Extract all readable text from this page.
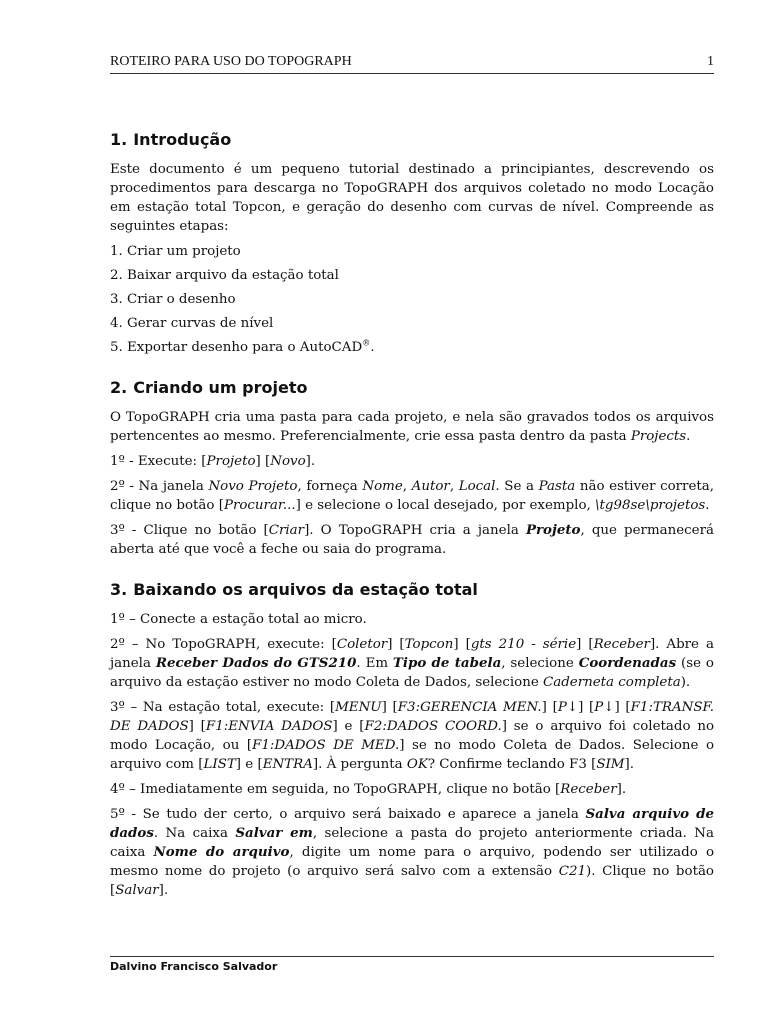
ROTEIRO PARA USO DO TOPOGRAPH	1
1. Introdução

Este documento é um pequeno tutorial destinado a principiantes, descrevendo os procedimentos para descarga no TopoGRAPH dos arquivos coletado no modo Locação em estação total Topcon, e geração do desenho com curvas de nível. Compreende as seguintes etapas:

1. Criar um projeto
2. Baixar arquivo da estação total
3. Criar o desenho
4. Gerar curvas de nível
5. Exportar desenho para o AutoCAD®.
2. Criando um projeto

O TopoGRAPH cria uma pasta para cada projeto, e nela são gravados todos os arquivos pertencentes ao mesmo. Preferencialmente, crie essa pasta dentro da pasta Projects.

1º - Execute: [Projeto] [Novo].

2º - Na janela Novo Projeto, forneça Nome, Autor, Local. Se a Pasta não estiver correta, clique no botão [Procurar...] e selecione o local desejado, por exemplo, \tg98se\projetos.

3º - Clique no botão [Criar]. O TopoGRAPH cria a janela Projeto, que permanecerá aberta até que você a feche ou saia do programa.

3. Baixando os arquivos da estação total

1º – Conecte a estação total ao micro.

2º – No TopoGRAPH, execute: [Coletor] [Topcon] [gts 210 - série] [Receber]. Abre a janela Receber Dados do GTS210. Em Tipo de tabela, selecione Coordenadas (se o arquivo da estação estiver no modo Coleta de Dados, selecione Caderneta completa).

3º – Na estação total, execute: [MENU] [F3:GERENCIA MEN.] [P↓] [P↓] [F1:TRANSF. DE DADOS] [F1:ENVIA DADOS] e [F2:DADOS COORD.] se o arquivo foi coletado no modo Locação, ou [F1:DADOS DE MED.] se no modo Coleta de Dados. Selecione o arquivo com [LIST] e [ENTRA]. À pergunta OK? Confirme teclando F3 [SIM].

4º – Imediatamente em seguida, no TopoGRAPH, clique no botão [Receber].

5º - Se tudo der certo, o arquivo será baixado e aparece a janela Salva arquivo de dados. Na caixa Salvar em, selecione a pasta do projeto anteriormente criada. Na caixa Nome do arquivo, digite um nome para o arquivo, podendo ser utilizado o mesmo nome do projeto (o arquivo será salvo com a extensão C21). Clique no botão [Salvar].

Dalvino Francisco Salvador
